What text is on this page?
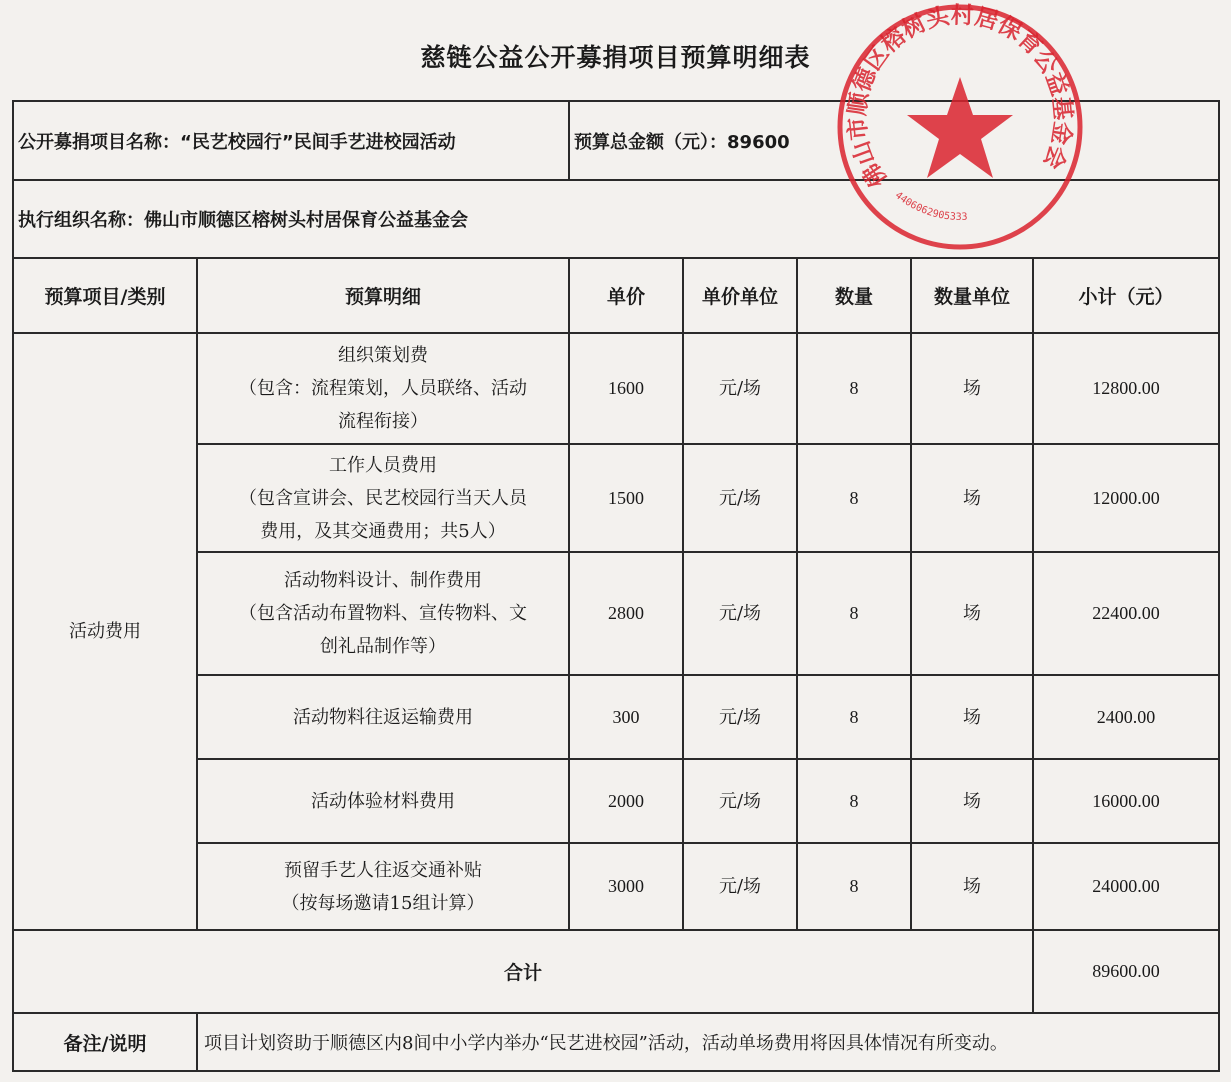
慈链公益公开募捐项目预算明细表
公开募捐项目名称：“民艺校园行”民间手艺进校园活动		预算总金额（元）：89600				
执行组织名称：佛山市顺德区榕树头村居保育公益基金会						
预算项目/类别	预算明细	单价	单价单位	数量	数量单位	小计（元）
活动费用	组织策划费
（包含：流程策划，人员联络、活动
流程衔接）	1600	元/场	8	场	12800.00

	工作人员费用
（包含宣讲会、民艺校园行当天人员
费用，及其交通费用；共5人）	1500	元/场	8	场	12000.00

	活动物料设计、制作费用
（包含活动布置物料、宣传物料、文
创礼品制作等）	2800	元/场	8	场	22400.00

	活动物料往返运输费用	300	元/场	8	场	2400.00

	活动体验材料费用	2000	元/场	8	场	16000.00

	预留手艺人往返交通补贴
（按每场邀请15组计算）	3000	元/场	8	场	24000.00
合计						89600.00
备注/说明	项目计划资助于顺德区内8间中小学内举办“民艺进校园”活动，活动单场费用将因具体情况有所变动。					
佛山市顺德区榕树头村居保育公益基金会
4406062905333
